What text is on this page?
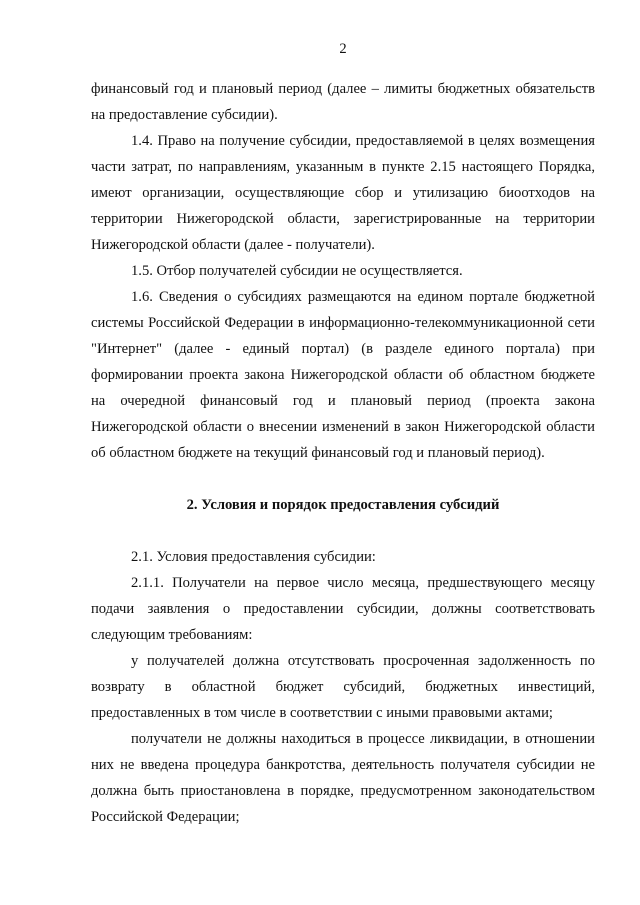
2

финансовый год и плановый период (далее – лимиты бюджетных обязательств на предоставление субсидии).

1.4. Право на получение субсидии, предоставляемой в целях возмещения части затрат, по направлениям, указанным в пункте 2.15 настоящего Порядка, имеют организации, осуществляющие сбор и утилизацию биоотходов на территории Нижегородской области, зарегистрированные на территории Нижегородской области (далее - получатели).

1.5. Отбор получателей субсидии не осуществляется.

1.6. Сведения о субсидиях размещаются на едином портале бюджетной системы Российской Федерации в информационно-телекоммуникационной сети "Интернет" (далее - единый портал) (в разделе единого портала) при формировании проекта закона Нижегородской области об областном бюджете на очередной финансовый год и плановый период (проекта закона Нижегородской области о внесении изменений в закон Нижегородской области об областном бюджете на текущий финансовый год и плановый период).

2. Условия и порядок предоставления субсидий

2.1. Условия предоставления субсидии:

2.1.1. Получатели на первое число месяца, предшествующего месяцу подачи заявления о предоставлении субсидии, должны соответствовать следующим требованиям:

у получателей должна отсутствовать просроченная задолженность по возврату в областной бюджет субсидий, бюджетных инвестиций, предоставленных в том числе в соответствии с иными правовыми актами;

получатели не должны находиться в процессе ликвидации, в отношении них не введена процедура банкротства, деятельность получателя субсидии не должна быть приостановлена в порядке, предусмотренном законодательством Российской Федерации;
